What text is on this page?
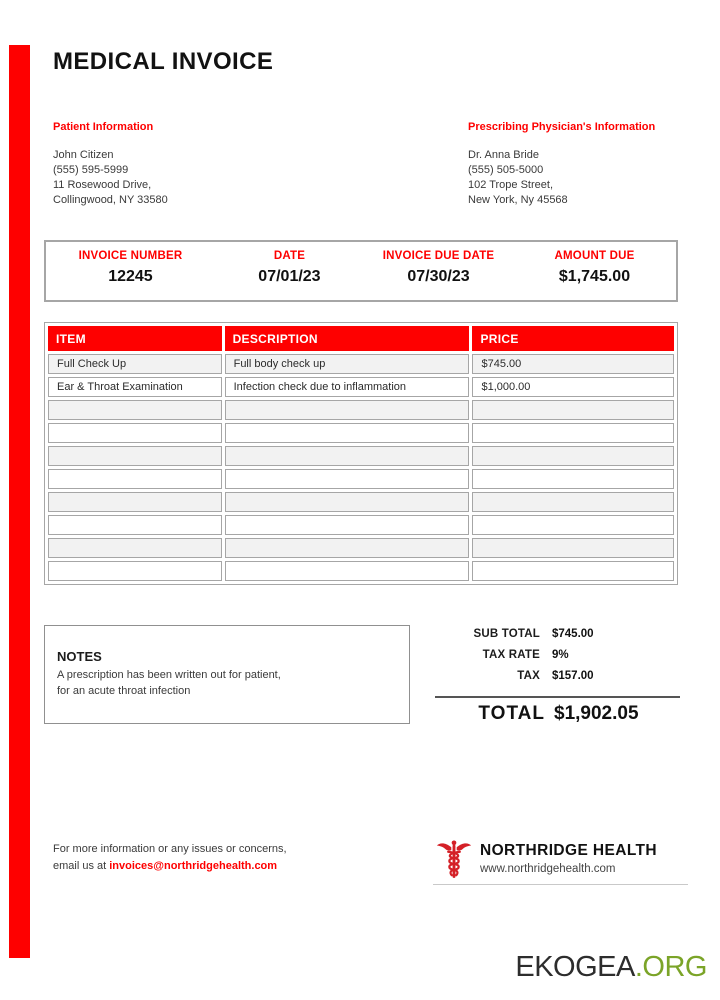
MEDICAL INVOICE
Patient Information
John Citizen
(555) 595-5999
11 Rosewood Drive,
Collingwood, NY 33580
Prescribing Physician's Information
Dr. Anna Bride
(555) 505-5000
102 Trope Street,
New York, Ny 45568
INVOICE NUMBER
12245
DATE
07/01/23
INVOICE DUE DATE
07/30/23
AMOUNT DUE
$1,745.00
ITEM	DESCRIPTION	PRICE
Full Check Up	Full body check up	$745.00
Ear & Throat Examination	Infection check due to inflammation	$1,000.00

NOTES
A prescription has been written out for patient,
for an acute throat infection
SUB TOTAL $745.00
TAX RATE 9%
TAX $157.00
TOTAL $1,902.05
For more information or any issues or concerns,
email us at invoices@northridgehealth.com
NORTHRIDGE HEALTH
www.northridgehealth.com
EKOGEA.ORG
